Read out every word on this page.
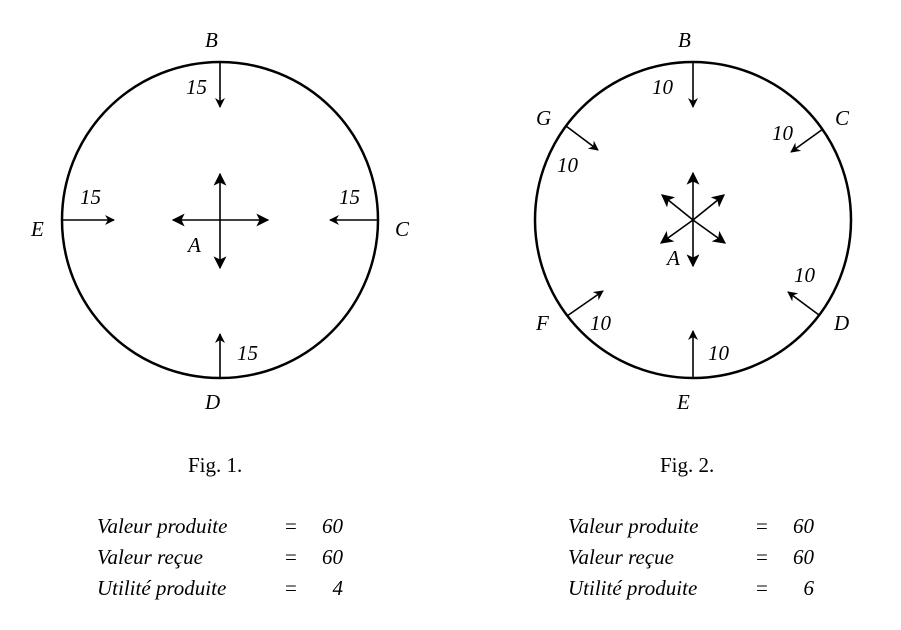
B
C
D
E
A
15
15
15
15
Fig. 1.
B
C
D
E
F
G
A
10
10
10
10
10
10
Fig. 2.
Valeur produite	=	60
Valeur reçue	=	60
Utilité produite	=	4
Valeur produite	=	60
Valeur reçue	=	60
Utilité produite	=	6
